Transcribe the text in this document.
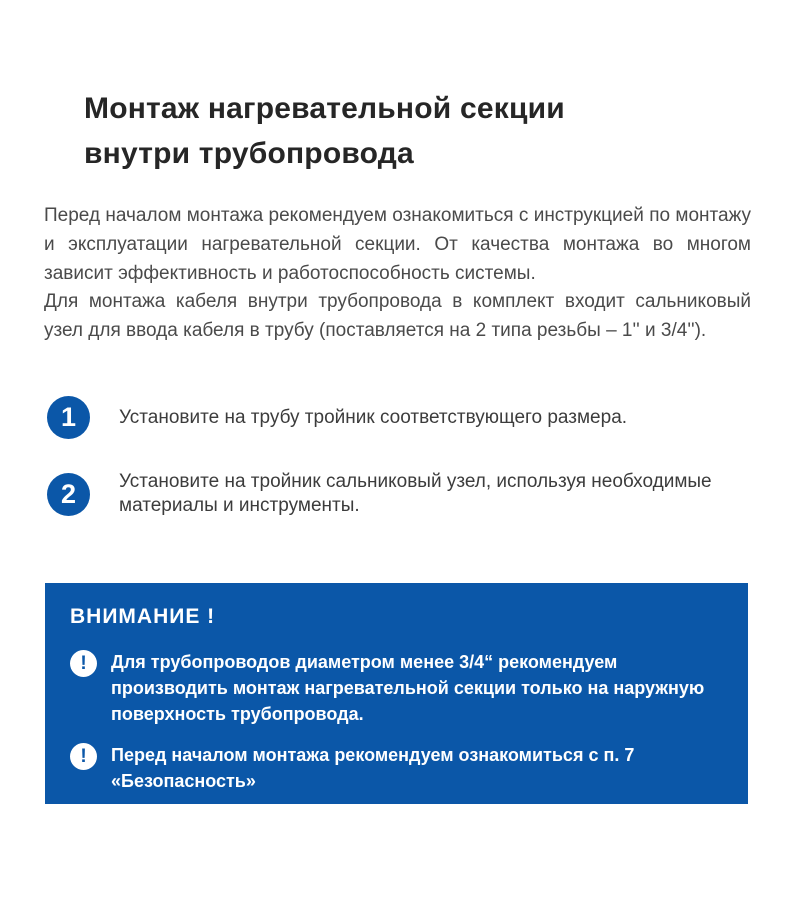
Монтаж нагревательной секции
внутри трубопровода

Перед началом монтажа рекомендуем ознакомиться с инструкцией по монтажу и эксплуатации нагревательной секции. От качества монтажа во многом зависит эффективность и работоспособность системы.

Для монтажа кабеля внутри трубопровода в комплект входит сальниковый узел для ввода кабеля в трубу (поставляется на 2 типа резьбы – 1'' и 3/4'').

1	Установите на трубу тройник соответствующего размера.
2	Установите на тройник сальниковый узел, используя необходимые материалы и инструменты.
ВНИМАНИЕ !
!	Для трубопроводов диаметром менее 3/4“ рекомендуем производить монтаж нагревательной секции только на наружную поверхность трубопровода.
!	Перед началом монтажа рекомендуем ознакомиться с п. 7 «Безопасность»
